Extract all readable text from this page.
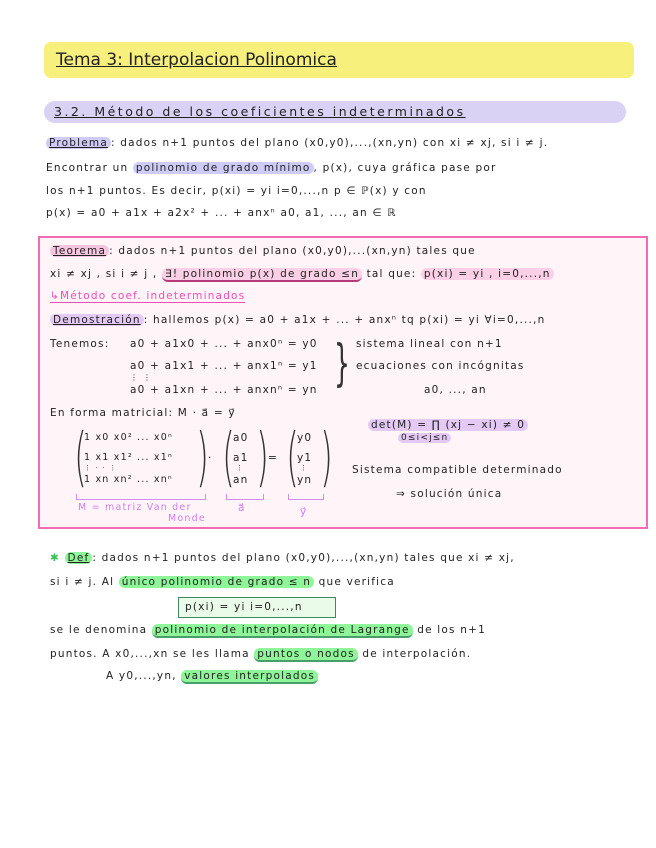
Tema 3: Interpolacion Polinomica
3.2. Método de los coeficientes indeterminados
Problema : dados n+1 puntos del plano (x0,y0),...,(xn,yn) con xi ≠ xj, si i ≠ j.
Encontrar un polinomio de grado mínimo , p(x), cuya gráfica pase por
los n+1 puntos. Es decir, p(xi) = yi i=0,...,n p ∈ ℙ(x) y con
p(x) = a0 + a1x + a2x² + ... + anxⁿ a0, a1, ..., an ∈ ℝ
Teorema : dados n+1 puntos del plano (x0,y0),...(xn,yn) tales que
xi ≠ xj , si i ≠ j , ∃! polinomio p(x) de grado ≤n tal que: p(xi) = yi , i=0,...,n
↳Método coef. indeterminados
Demostración : hallemos p(x) = a0 + a1x + ... + anxⁿ tq p(xi) = yi ∀i=0,...,n
Tenemos: a0 + a1x0 + ... + anx0ⁿ = y0
a0 + a1x1 + ... + anx1ⁿ = y1
⋮ ⋮
a0 + a1xn + ... + anxnⁿ = yn } sistema lineal con n+1
ecuaciones con incógnitas
a0, ..., an
En forma matricial: M · a⃗ = y⃗
( )
1 x0 x0² ... x0ⁿ
1 x1 x1² ... x1ⁿ
⋮ · · ⋮
1 xn xn² ... xnⁿ
· ( )
a0
a1
⋮
an
= ( )
y0
y1
⋮
yn
M = matriz Van der
Monde
a⃗	y⃗
det(M) = ∏ (xj − xi) ≠ 0
0≤i<j≤n
Sistema compatible determinado
⇒ solución única
✱ Def : dados n+1 puntos del plano (x0,y0),...,(xn,yn) tales que xi ≠ xj,
si i ≠ j. Al único polinomio de grado ≤ n que verifica
p(xi) = yi i=0,...,n
se le denomina polinomio de interpolación de Lagrange de los n+1
puntos. A x0,...,xn se les llama puntos o nodos de interpolación.
A y0,...,yn, valores interpolados
